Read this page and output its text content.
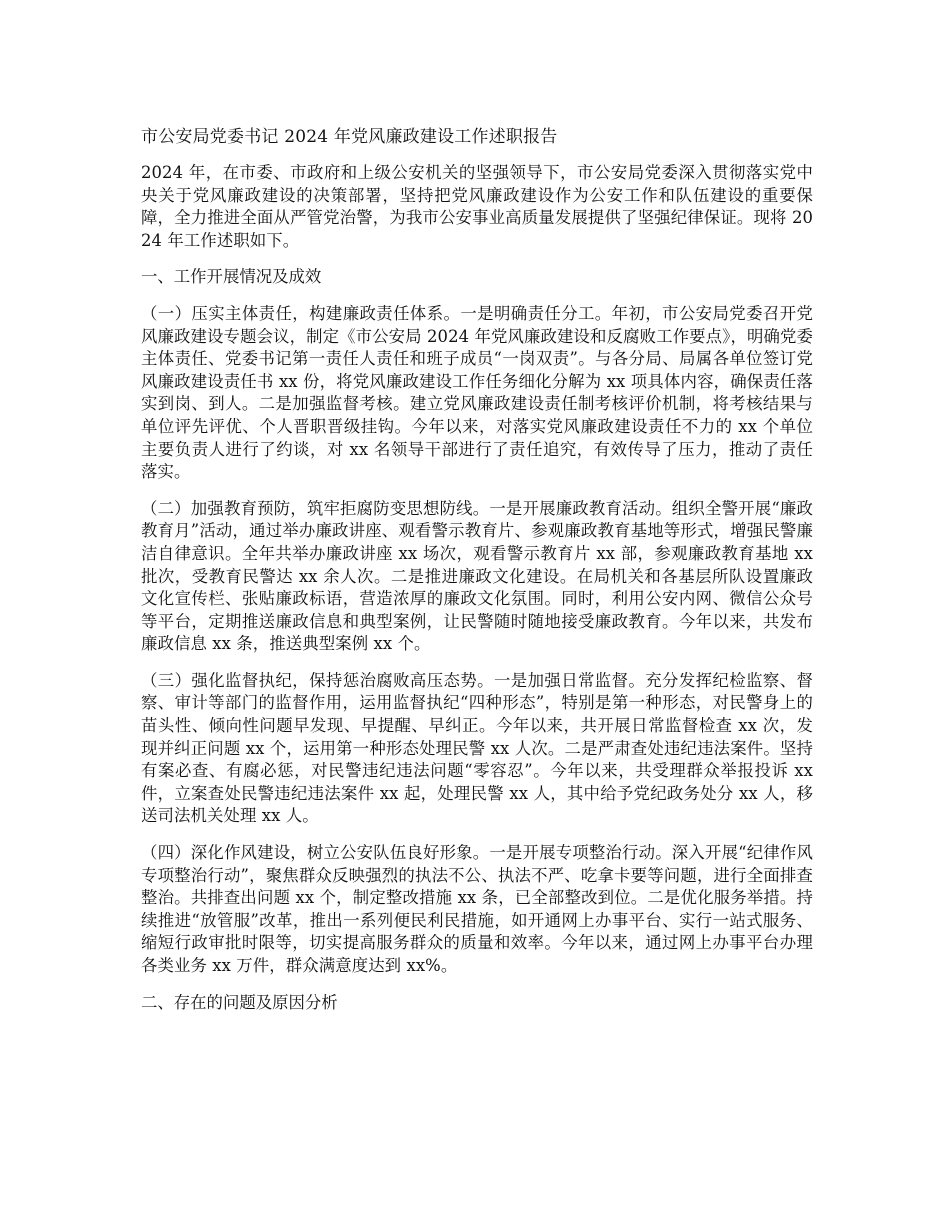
市公安局党委书记 2024 年党风廉政建设工作述职报告
2024 年，在市委、市政府和上级公安机关的坚强领导下，市公安局党委深入贯彻落实党中央关于党风廉政建设的决策部署，坚持把党风廉政建设作为公安工作和队伍建设的重要保障，全力推进全面从严管党治警，为我市公安事业高质量发展提供了坚强纪律保证。现将 2024 年工作述职如下。
一、工作开展情况及成效
（一）压实主体责任，构建廉政责任体系。一是明确责任分工。年初，市公安局党委召开党风廉政建设专题会议，制定《市公安局 2024 年党风廉政建设和反腐败工作要点》，明确党委主体责任、党委书记第一责任人责任和班子成员“一岗双责”。与各分局、局属各单位签订党风廉政建设责任书 xx 份，将党风廉政建设工作任务细化分解为 xx 项具体内容，确保责任落实到岗、到人。二是加强监督考核。建立党风廉政建设责任制考核评价机制，将考核结果与单位评先评优、个人晋职晋级挂钩。今年以来，对落实党风廉政建设责任不力的 xx 个单位主要负责人进行了约谈，对 xx 名领导干部进行了责任追究，有效传导了压力，推动了责任落实。
（二）加强教育预防，筑牢拒腐防变思想防线。一是开展廉政教育活动。组织全警开展“廉政教育月”活动，通过举办廉政讲座、观看警示教育片、参观廉政教育基地等形式，增强民警廉洁自律意识。全年共举办廉政讲座 xx 场次，观看警示教育片 xx 部，参观廉政教育基地 xx 批次，受教育民警达 xx 余人次。二是推进廉政文化建设。在局机关和各基层所队设置廉政文化宣传栏、张贴廉政标语，营造浓厚的廉政文化氛围。同时，利用公安内网、微信公众号等平台，定期推送廉政信息和典型案例，让民警随时随地接受廉政教育。今年以来，共发布廉政信息 xx 条，推送典型案例 xx 个。
（三）强化监督执纪，保持惩治腐败高压态势。一是加强日常监督。充分发挥纪检监察、督察、审计等部门的监督作用，运用监督执纪“四种形态”，特别是第一种形态，对民警身上的苗头性、倾向性问题早发现、早提醒、早纠正。今年以来，共开展日常监督检查 xx 次，发现并纠正问题 xx 个，运用第一种形态处理民警 xx 人次。二是严肃查处违纪违法案件。坚持有案必查、有腐必惩，对民警违纪违法问题“零容忍”。今年以来，共受理群众举报投诉 xx 件，立案查处民警违纪违法案件 xx 起，处理民警 xx 人，其中给予党纪政务处分 xx 人，移送司法机关处理 xx 人。
（四）深化作风建设，树立公安队伍良好形象。一是开展专项整治行动。深入开展“纪律作风专项整治行动”，聚焦群众反映强烈的执法不公、执法不严、吃拿卡要等问题，进行全面排查整治。共排查出问题 xx 个，制定整改措施 xx 条，已全部整改到位。二是优化服务举措。持续推进“放管服”改革，推出一系列便民利民措施，如开通网上办事平台、实行一站式服务、缩短行政审批时限等，切实提高服务群众的质量和效率。今年以来，通过网上办事平台办理各类业务 xx 万件，群众满意度达到 xx%。
二、存在的问题及原因分析
